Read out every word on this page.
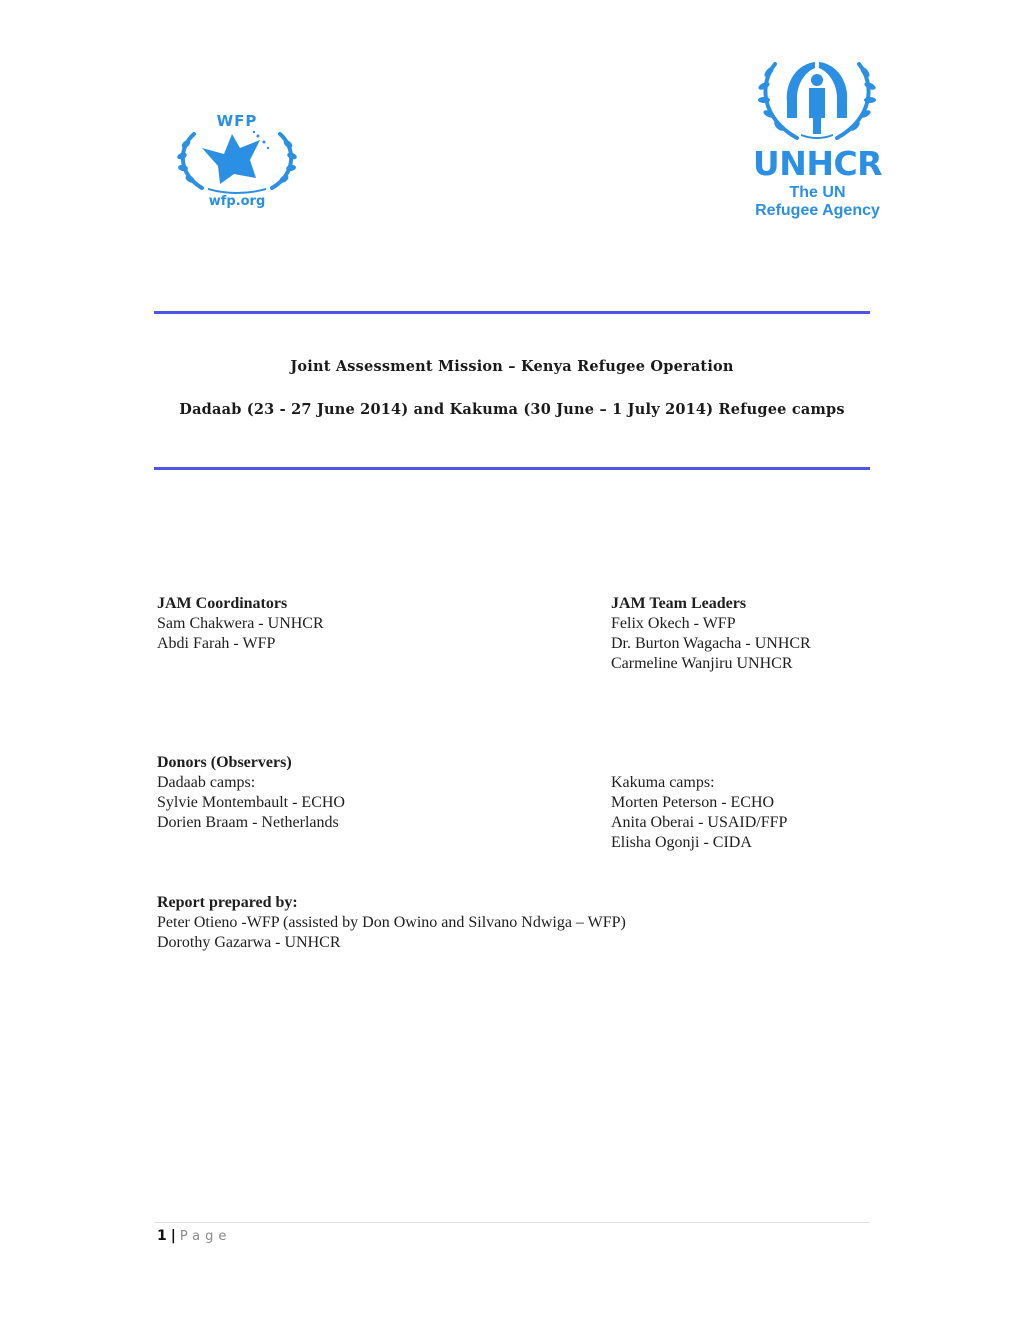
WFP
wfp.org
UNHCR
The UN
Refugee Agency
Joint Assessment Mission – Kenya Refugee Operation
Dadaab (23 - 27 June 2014) and Kakuma (30 June – 1 July 2014) Refugee camps
JAM Coordinators
Sam Chakwera - UNHCR
Abdi Farah - WFP
JAM Team Leaders
Felix Okech - WFP
Dr. Burton Wagacha - UNHCR
Carmeline Wanjiru UNHCR
Donors (Observers)
Dadaab camps:
Sylvie Montembault - ECHO
Dorien Braam - Netherlands
Kakuma camps:
Morten Peterson - ECHO
Anita Oberai - USAID/FFP
Elisha Ogonji - CIDA
Report prepared by:
Peter Otieno -WFP (assisted by Don Owino and Silvano Ndwiga – WFP)
Dorothy Gazarwa - UNHCR
1 | Page
